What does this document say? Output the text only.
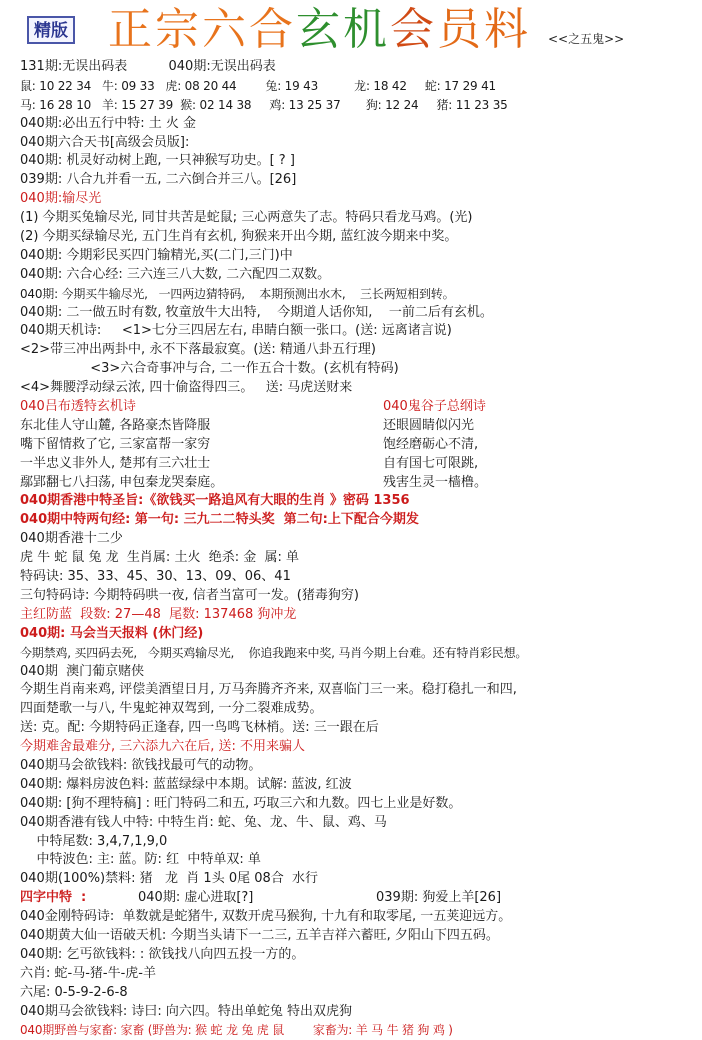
精版 正宗六合玄机会员料 <<之五鬼>>
131期:无误出码表          040期:无误出码表
鼠: 10 22 34   牛: 09 33   虎: 08 20 44        兔: 19 43          龙: 18 42     蛇: 17 29 41
马: 16 28 10   羊: 15 27 39  猴: 02 14 38     鸡: 13 25 37       狗: 12 24     猪: 11 23 35
040期:必出五行中特: 土 火 金
040期六合天书[高级会员版]:
040期: 机灵好动树上跑, 一只神猴写功史。[ ? ]
039期: 八合九并看一五, 二六倒合并三八。[26]
040期:输尽光
(1) 今期买兔输尽光, 同甘共苦是蛇鼠; 三心两意失了志。特码只看龙马鸡。(光)
(2) 今期买绿输尽光, 五门生肖有玄机, 狗猴来开出今期, 蓝红波今期来中奖。
040期: 今期彩民买四门输精光,买(二门,三门)中
040期: 六合心经: 三六连三八大数, 二六配四二双数。
040期: 今期买牛输尽光,   一四两边猜特码,    本期预测出水木,    三长两短相到转。
040期: 二一做五时有数, 牧童放牛大出特,    今期道人话你知,    一前二后有玄机。
040期天机诗:     <1>七分三四居左右, 串睛白额一张口。(送: 远离诸言说)
<2>带三冲出两卦中, 永不下落最寂寞。(送: 精通八卦五行理)
<3>六合奇事冲与合, 二一作五合十数。(玄机有特码)
<4>舞腰浮动绿云浓, 四十偷盗得四三。   送: 马虎送财来
040吕布透特玄机诗	040鬼谷子总纲诗
东北佳人守山麓, 各路豪杰皆降服	还眼圆睛似闪光
嘴下留情救了它, 三家富帮一家穷	饱经磨砺心不清,
一半忠义非外人, 楚邦有三六壮士	自有国七可限跳,
鄢郢翻七八扫荡, 申包秦龙哭秦庭。	残害生灵一樯橹。
040期香港中特圣旨:《欲钱买一路追风有大眼的生肖 》密码 1356
040期中特两句经: 第一句: 三九二二特头奖  第二句:上下配合今期发
040期香港十二少
虎 牛 蛇 鼠 兔 龙  生肖属: 土火  绝杀: 金  属: 单
特码诀: 35、33、45、30、13、09、06、41
三句特码诗: 今期特码哄一夜, 信者当富可一发。(猪毒狗穷)
主红防蓝  段数: 27—48  尾数: 137468 狗冲龙
040期: 马会当天报料 (休门经)
今期禁鸡, 买四码去死,   今期买鸡输尽光,    你追我跑来中奖, 马肖今期上台难。还有特肖彩民想。
040期  澳门葡京赌侠
今期生肖南来鸡, 评偿美酒望日月, 万马奔腾齐齐来, 双喜临门三一来。稳打稳扎一和四,
四面楚歌一与八, 牛鬼蛇神双驾到, 一分二裂难成势。
送: 克。配: 今期特码正逢春, 四一鸟鸣飞林梢。送: 三一跟在后
今期难舍最难分, 三六添九六在后, 送: 不用来骗人
040期马会欲钱料: 欲钱找最可气的动物。
040期: 爆料房波色料: 蓝蓝绿绿中本期。试解: 蓝波, 红波
040期: [狗不理特稿] : 旺门特码二和五, 巧取三六和九数。四七上业是好数。
040期香港有钱人中特: 中特生肖: 蛇、兔、龙、牛、鼠、鸡、马
中特尾数: 3,4,7,1,9,0
中特波色: 主: 蓝。防: 红  中特单双: 单
040期(100%)禁料: 猪   龙  肖 1头 0尾 08合  水行
四字中特  :	040期: 虚心进取[?]	039期: 狗爱上羊[26]
040金刚特码诗:  单数就是蛇猪牛, 双数开虎马猴狗, 十九有和取零尾, 一五荚迎远方。
040期黄大仙一语破天机: 今期当头请下一二三, 五羊吉祥六蓄旺, 夕阳山下四五码。
040期: 乞丐欲钱料: : 欲钱找八向四五投一方的。
六肖: 蛇-马-猪-牛-虎-羊
六尾: 0-5-9-2-6-8
040期马会欲钱料: 诗曰: 向六四。特出单蛇兔 特出双虎狗
040期野兽与家畜: 家畜 (野兽为: 猴 蛇 龙 兔 虎 鼠        家畜为: 羊 马 牛 猪 狗 鸡 )
